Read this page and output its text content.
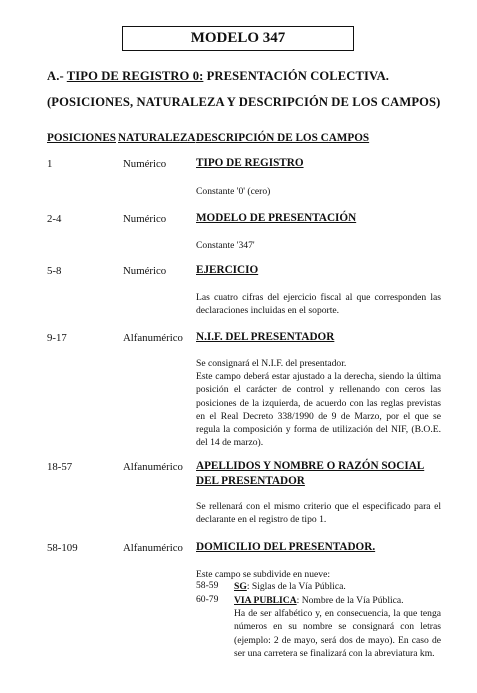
MODELO 347
A.- TIPO DE REGISTRO 0: PRESENTACIÓN COLECTIVA.
(POSICIONES, NATURALEZA Y DESCRIPCIÓN DE LOS CAMPOS)
POSICIONES NATURALEZA DESCRIPCIÓN DE LOS CAMPOS
1	Numérico	TIPO DE REGISTRO
Constante '0' (cero)
2-4	Numérico	MODELO DE PRESENTACIÓN
Constante '347'
5-8	Numérico	EJERCICIO
Las cuatro cifras del ejercicio fiscal al que corresponden las declaraciones incluidas en el soporte.
9-17	Alfanumérico N.I.F. DEL PRESENTADOR

Se consignará el N.I.F. del presentador.

Este campo deberá estar ajustado a la derecha, siendo la última posición el carácter de control y rellenando con ceros las posiciones de la izquierda, de acuerdo con las reglas previstas en el Real Decreto 338/1990 de 9 de Marzo, por el que se regula la composición y forma de utilización del NIF, (B.O.E. del 14 de marzo).

18-57	Alfanumérico APELLIDOS Y NOMBRE O RAZÓN SOCIAL
DEL PRESENTADOR
Se rellenará con el mismo criterio que el especificado para el declarante en el registro de tipo 1.
58-109	Alfanumérico DOMICILIO DEL PRESENTADOR.
Este campo se subdivide en nueve:
58-59 SG: Siglas de la Vía Pública.
60-79 VIA PUBLICA: Nombre de la Vía Pública.

Ha de ser alfabético y, en consecuencia, la que tenga números en su nombre se consignará con letras (ejemplo: 2 de mayo, será dos de mayo). En caso de ser una carretera se finalizará con la abreviatura km.
